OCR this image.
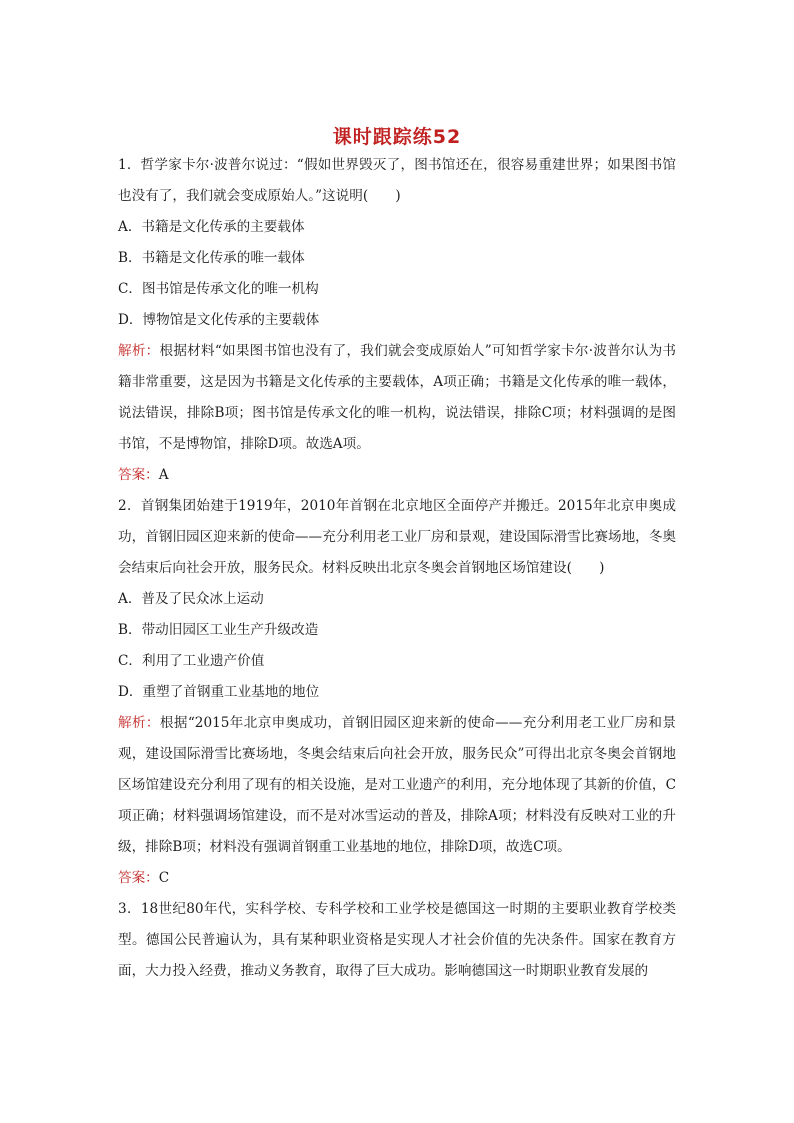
课时跟踪练52

1．哲学家卡尔·波普尔说过：“假如世界毁灭了，图书馆还在，很容易重建世界；如果图书馆也没有了，我们就会变成原始人。”这说明(　　)

A．书籍是文化传承的主要载体

B．书籍是文化传承的唯一载体

C．图书馆是传承文化的唯一机构

D．博物馆是文化传承的主要载体

解析：根据材料“如果图书馆也没有了，我们就会变成原始人”可知哲学家卡尔·波普尔认为书籍非常重要，这是因为书籍是文化传承的主要载体，A项正确；书籍是文化传承的唯一载体，说法错误，排除B项；图书馆是传承文化的唯一机构，说法错误，排除C项；材料强调的是图书馆，不是博物馆，排除D项。故选A项。

答案：A

2．首钢集团始建于1919年，2010年首钢在北京地区全面停产并搬迁。2015年北京申奥成功，首钢旧园区迎来新的使命——充分利用老工业厂房和景观，建设国际滑雪比赛场地，冬奥会结束后向社会开放，服务民众。材料反映出北京冬奥会首钢地区场馆建设(　　)

A．普及了民众冰上运动

B．带动旧园区工业生产升级改造

C．利用了工业遗产价值

D．重塑了首钢重工业基地的地位

解析：根据“2015年北京申奥成功，首钢旧园区迎来新的使命——充分利用老工业厂房和景观，建设国际滑雪比赛场地，冬奥会结束后向社会开放，服务民众”可得出北京冬奥会首钢地区场馆建设充分利用了现有的相关设施，是对工业遗产的利用，充分地体现了其新的价值，C项正确；材料强调场馆建设，而不是对冰雪运动的普及，排除A项；材料没有反映对工业的升级，排除B项；材料没有强调首钢重工业基地的地位，排除D项，故选C项。

答案：C

3．18世纪80年代，实科学校、专科学校和工业学校是德国这一时期的主要职业教育学校类型。德国公民普遍认为，具有某种职业资格是实现人才社会价值的先决条件。国家在教育方面，大力投入经费，推动义务教育，取得了巨大成功。影响德国这一时期职业教育发展的
